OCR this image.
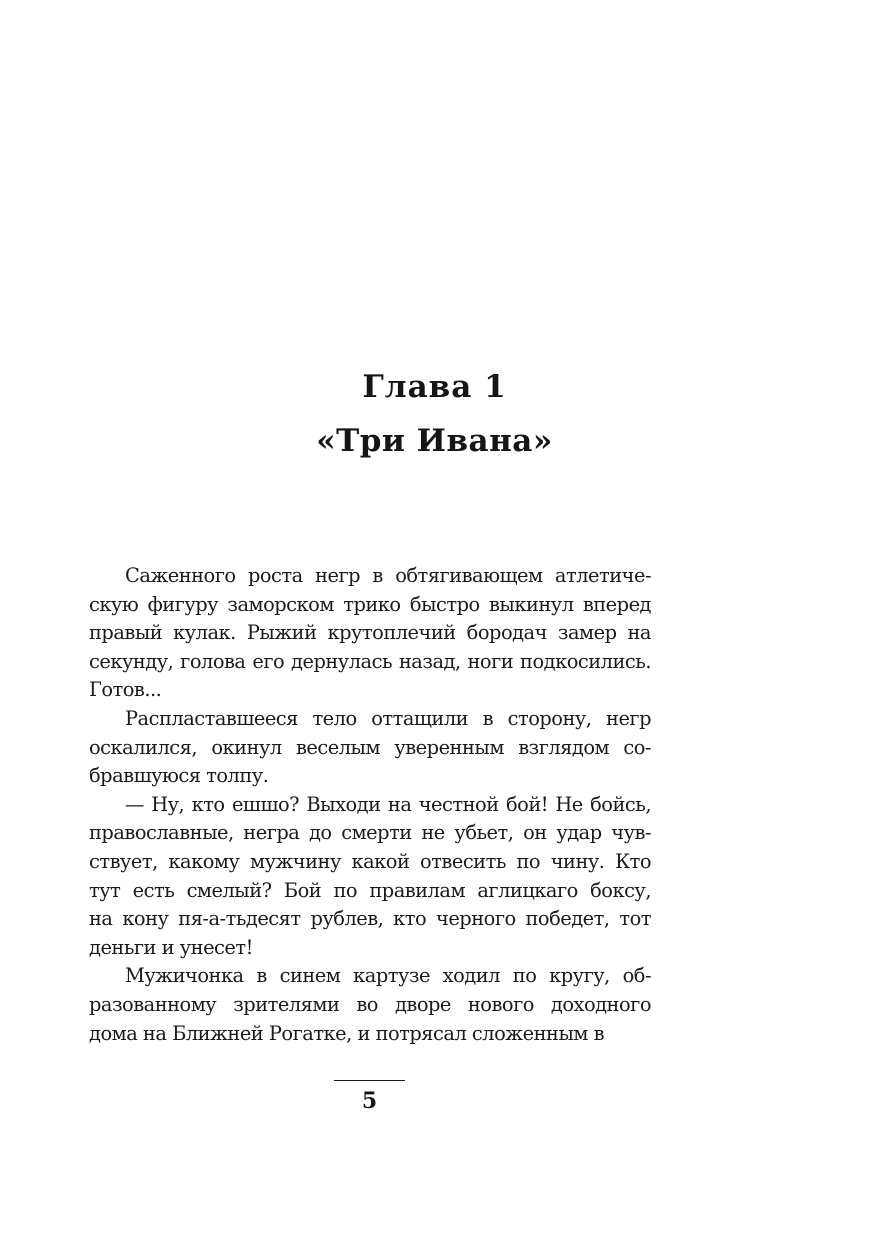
Глава 1
«Три Ивана»

Саженного роста негр в обтягивающем атлетиче-
скую фигуру заморском трико быстро выкинул вперед
правый кулак. Рыжий крутоплечий бородач замер на
секунду, голова его дернулась назад, ноги подкосились.
Готов...

Распластавшееся тело оттащили в сторону, негр
оскалился, окинул веселым уверенным взглядом со-
бравшуюся толпу.

— Ну, кто ешшо? Выходи на честной бой! Не бойсь,
православные, негра до смерти не убьет, он удар чув-
ствует, какому мужчину какой отвесить по чину. Кто
тут есть смелый? Бой по правилам аглицкаго боксу,
на кону пя-а-тьдесят рублев, кто черного победет, тот
деньги и унесет!

Мужичонка в синем картузе ходил по кругу, об-
разованному зрителями во дворе нового доходного
дома на Ближней Рогатке, и потрясал сложенным в

5
